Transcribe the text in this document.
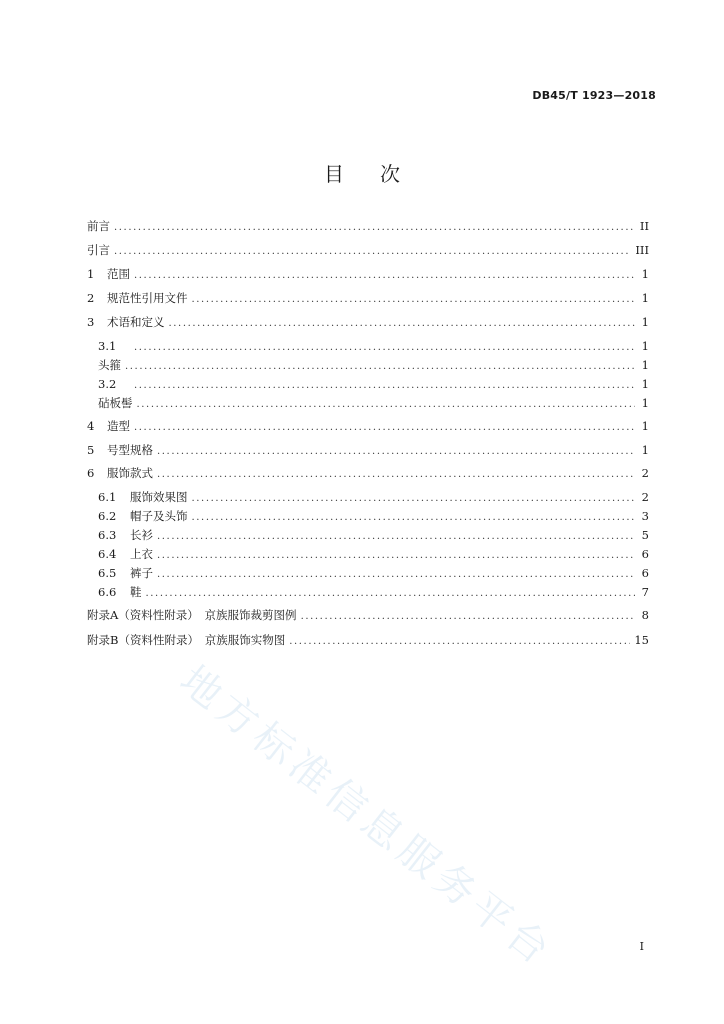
DB45/T 1923—2018
目次
前言 .....	II
引言 .....	III
1 范围 .....	1
2 规范性引用文件 .....	1
3 术语和定义 .....	1
3.1 .....	1
头箍 .....	1
3.2 .....	1
砧板髻 .....	1
4 造型 .....	1
5 号型规格 .....	1
6 服饰款式 .....	2
6.1 服饰效果图 .....	2
6.2 帽子及头饰 .....	3
6.3 长衫 .....	5
6.4 上衣 .....	6
6.5 裤子 .....	6
6.6 鞋 .....	7
附录A（资料性附录）　京族服饰裁剪图例 .....	8
附录B（资料性附录）　京族服饰实物图 .....	15
I
地方标准信息服务平台
